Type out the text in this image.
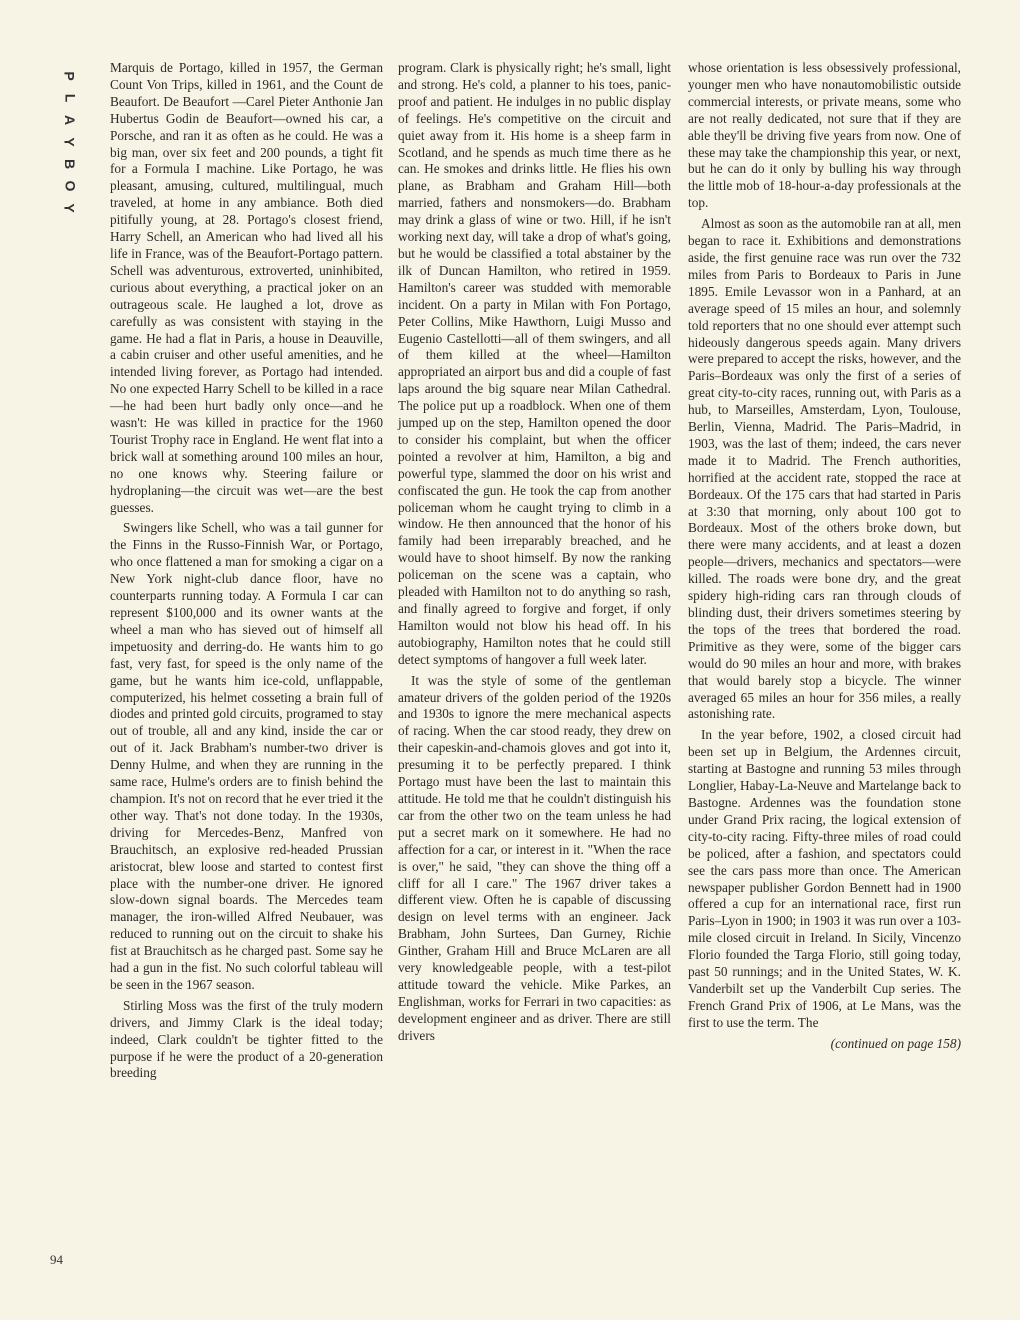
P
L
A
Y
B
O
Y

Marquis de Portago, killed in 1957, the German Count Von Trips, killed in 1961, and the Count de Beaufort. De Beaufort —Carel Pieter Anthonie Jan Hubertus Godin de Beaufort—owned his car, a Porsche, and ran it as often as he could. He was a big man, over six feet and 200 pounds, a tight fit for a Formula I machine. Like Portago, he was pleasant, amusing, cultured, multilingual, much traveled, at home in any ambiance. Both died pitifully young, at 28. Portago's closest friend, Harry Schell, an American who had lived all his life in France, was of the Beaufort-Portago pattern. Schell was adventurous, extroverted, uninhibited, curious about everything, a practical joker on an outrageous scale. He laughed a lot, drove as carefully as was consistent with staying in the game. He had a flat in Paris, a house in Deauville, a cabin cruiser and other useful amenities, and he intended living forever, as Portago had intended. No one expected Harry Schell to be killed in a race—he had been hurt badly only once—and he wasn't: He was killed in practice for the 1960 Tourist Trophy race in England. He went flat into a brick wall at something around 100 miles an hour, no one knows why. Steering failure or hydroplaning—the circuit was wet—are the best guesses.

Swingers like Schell, who was a tail gunner for the Finns in the Russo-Finnish War, or Portago, who once flattened a man for smoking a cigar on a New York night-club dance floor, have no counterparts running today. A Formula I car can represent $100,000 and its owner wants at the wheel a man who has sieved out of himself all impetuosity and derring-do. He wants him to go fast, very fast, for speed is the only name of the game, but he wants him ice-cold, unflappable, computerized, his helmet cosseting a brain full of diodes and printed gold circuits, programed to stay out of trouble, all and any kind, inside the car or out of it. Jack Brabham's number-two driver is Denny Hulme, and when they are running in the same race, Hulme's orders are to finish behind the champion. It's not on record that he ever tried it the other way. That's not done today. In the 1930s, driving for Mercedes-Benz, Manfred von Brauchitsch, an explosive red-headed Prussian aristocrat, blew loose and started to contest first place with the number-one driver. He ignored slow-down signal boards. The Mercedes team manager, the iron-willed Alfred Neubauer, was reduced to running out on the circuit to shake his fist at Brauchitsch as he charged past. Some say he had a gun in the fist. No such colorful tableau will be seen in the 1967 season.

Stirling Moss was the first of the truly modern drivers, and Jimmy Clark is the ideal today; indeed, Clark couldn't be tighter fitted to the purpose if he were the product of a 20-generation breeding

program. Clark is physically right; he's small, light and strong. He's cold, a planner to his toes, panic-proof and patient. He indulges in no public display of feelings. He's competitive on the circuit and quiet away from it. His home is a sheep farm in Scotland, and he spends as much time there as he can. He smokes and drinks little. He flies his own plane, as Brabham and Graham Hill—both married, fathers and nonsmokers—do. Brabham may drink a glass of wine or two. Hill, if he isn't working next day, will take a drop of what's going, but he would be classified a total abstainer by the ilk of Duncan Hamilton, who retired in 1959. Hamilton's career was studded with memorable incident. On a party in Milan with Fon Portago, Peter Collins, Mike Hawthorn, Luigi Musso and Eugenio Castellotti—all of them swingers, and all of them killed at the wheel—Hamilton appropriated an airport bus and did a couple of fast laps around the big square near Milan Cathedral. The police put up a roadblock. When one of them jumped up on the step, Hamilton opened the door to consider his complaint, but when the officer pointed a revolver at him, Hamilton, a big and powerful type, slammed the door on his wrist and confiscated the gun. He took the cap from another policeman whom he caught trying to climb in a window. He then announced that the honor of his family had been irreparably breached, and he would have to shoot himself. By now the ranking policeman on the scene was a captain, who pleaded with Hamilton not to do anything so rash, and finally agreed to forgive and forget, if only Hamilton would not blow his head off. In his autobiography, Hamilton notes that he could still detect symptoms of hangover a full week later.

It was the style of some of the gentleman amateur drivers of the golden period of the 1920s and 1930s to ignore the mere mechanical aspects of racing. When the car stood ready, they drew on their capeskin-and-chamois gloves and got into it, presuming it to be perfectly prepared. I think Portago must have been the last to maintain this attitude. He told me that he couldn't distinguish his car from the other two on the team unless he had put a secret mark on it somewhere. He had no affection for a car, or interest in it. "When the race is over," he said, "they can shove the thing off a cliff for all I care." The 1967 driver takes a different view. Often he is capable of discussing design on level terms with an engineer. Jack Brabham, John Surtees, Dan Gurney, Richie Ginther, Graham Hill and Bruce McLaren are all very knowledgeable people, with a test-pilot attitude toward the vehicle. Mike Parkes, an Englishman, works for Ferrari in two capacities: as development engineer and as driver. There are still drivers

whose orientation is less obsessively professional, younger men who have nonautomobilistic outside commercial interests, or private means, some who are not really dedicated, not sure that if they are able they'll be driving five years from now. One of these may take the championship this year, or next, but he can do it only by bulling his way through the little mob of 18-hour-a-day professionals at the top.

Almost as soon as the automobile ran at all, men began to race it. Exhibitions and demonstrations aside, the first genuine race was run over the 732 miles from Paris to Bordeaux to Paris in June 1895. Emile Levassor won in a Panhard, at an average speed of 15 miles an hour, and solemnly told reporters that no one should ever attempt such hideously dangerous speeds again. Many drivers were prepared to accept the risks, however, and the Paris–Bordeaux was only the first of a series of great city-to-city races, running out, with Paris as a hub, to Marseilles, Amsterdam, Lyon, Toulouse, Berlin, Vienna, Madrid. The Paris–Madrid, in 1903, was the last of them; indeed, the cars never made it to Madrid. The French authorities, horrified at the accident rate, stopped the race at Bordeaux. Of the 175 cars that had started in Paris at 3:30 that morning, only about 100 got to Bordeaux. Most of the others broke down, but there were many accidents, and at least a dozen people—drivers, mechanics and spectators—were killed. The roads were bone dry, and the great spidery high-riding cars ran through clouds of blinding dust, their drivers sometimes steering by the tops of the trees that bordered the road. Primitive as they were, some of the bigger cars would do 90 miles an hour and more, with brakes that would barely stop a bicycle. The winner averaged 65 miles an hour for 356 miles, a really astonishing rate.

In the year before, 1902, a closed circuit had been set up in Belgium, the Ardennes circuit, starting at Bastogne and running 53 miles through Longlier, Habay-La-Neuve and Martelange back to Bastogne. Ardennes was the foundation stone under Grand Prix racing, the logical extension of city-to-city racing. Fifty-three miles of road could be policed, after a fashion, and spectators could see the cars pass more than once. The American newspaper publisher Gordon Bennett had in 1900 offered a cup for an international race, first run Paris–Lyon in 1900; in 1903 it was run over a 103-mile closed circuit in Ireland. In Sicily, Vincenzo Florio founded the Targa Florio, still going today, past 50 runnings; and in the United States, W. K. Vanderbilt set up the Vanderbilt Cup series. The French Grand Prix of 1906, at Le Mans, was the first to use the term. The

(continued on page 158)

94
